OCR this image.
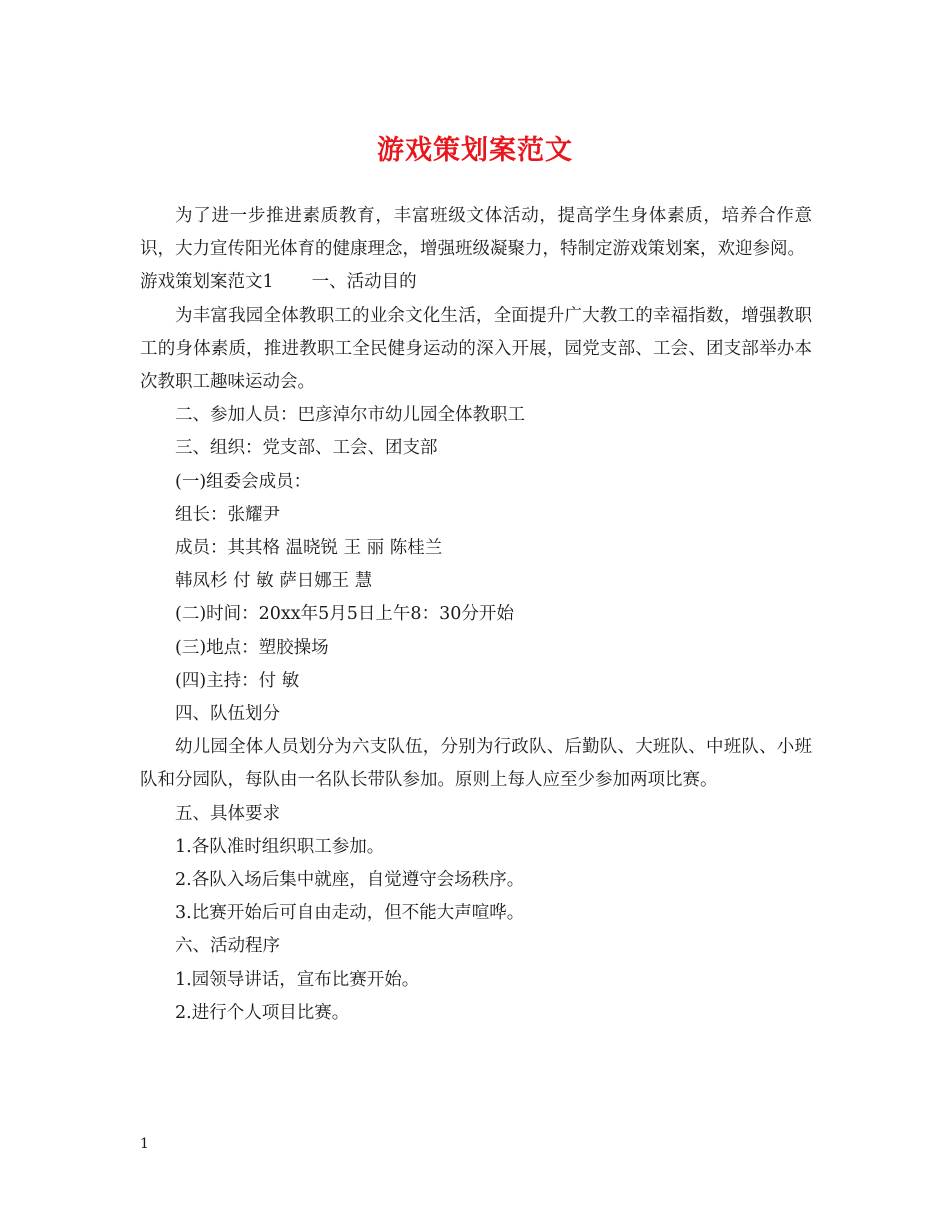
游戏策划案范文

为了进一步推进素质教育，丰富班级文体活动，提高学生身体素质，培养合作意识，大力宣传阳光体育的健康理念，增强班级凝聚力，特制定游戏策划案，欢迎参阅。

游戏策划案范文1 一、活动目的

为丰富我园全体教职工的业余文化生活，全面提升广大教工的幸福指数，增强教职工的身体素质，推进教职工全民健身运动的深入开展，园党支部、工会、团支部举办本次教职工趣味运动会。

二、参加人员：巴彦淖尔市幼儿园全体教职工

三、组织：党支部、工会、团支部

(一)组委会成员：

组长：张耀尹

成员：其其格 温晓锐 王 丽 陈桂兰

韩凤杉 付 敏 萨日娜王 慧

(二)时间：20xx年5月5日上午8：30分开始

(三)地点：塑胶操场

(四)主持：付 敏

四、队伍划分

幼儿园全体人员划分为六支队伍，分别为行政队、后勤队、大班队、中班队、小班队和分园队，每队由一名队长带队参加。原则上每人应至少参加两项比赛。

五、具体要求

1.各队准时组织职工参加。

2.各队入场后集中就座，自觉遵守会场秩序。

3.比赛开始后可自由走动，但不能大声喧哗。

六、活动程序

1.园领导讲话，宣布比赛开始。

2.进行个人项目比赛。

1
